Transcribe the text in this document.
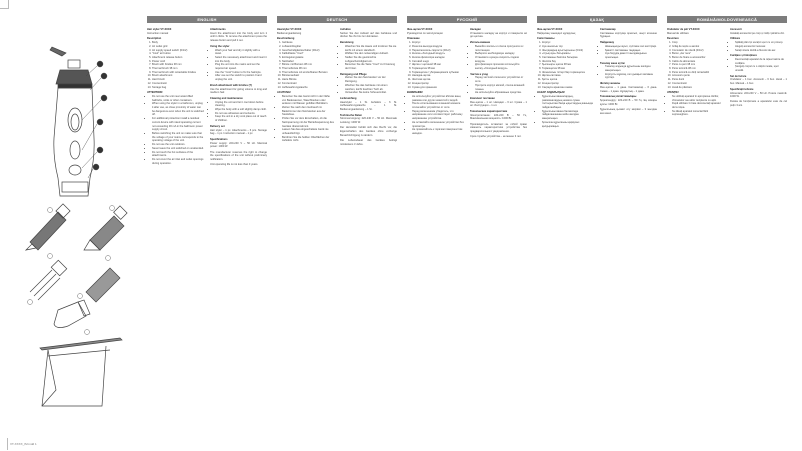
ENGLISH
Hair styler VT-XXXX
Instruction manual
Description
1. Body
2. Air outlet grid
3. Air supply speed switch (0/1/2)
4. "Cool" air button
5. Attachment release button
6. Power cord
7. Brush with bristles 38 mm
8. Thermal brush 38 mm
9. Thermal brush with retractable bristles
10. Brush attachment
11. Hard brush
12. Concentrator
13. Storage bag
ATTENTION!
• Do not use the unit near water-filled bathtubs, sinks or other containers.
• When using the styler in a bathroom, unplug it after use, as close proximity of water can be dangerous even when the unit is switched off.
• For additional protection install a residual current device with rated operating current not exceeding 30 mA in the bathroom power supply circuit.
• Before switching the unit on make sure that the voltage of your mains corresponds to the operating voltage of the unit.
• Do not use the unit outdoors.
• Never leave the unit switched on unattended.
• Do not touch the hot surfaces of the attachments.
• Do not cover the air inlet and outlet openings during operation.
Attachments
Insert the attachment into the body and turn it until it clicks. To remove the attachment press the release button and pull it out.
Using the styler
• Wash your hair and dry it slightly with a towel.
• Select the necessary attachment and insert it into the body.
• Plug the unit into the mains and set the required air speed.
• Use the "Cool" button to fix the hairstyle.
• After use set the switch to position 0 and unplug the unit.
Brush attachment with bristles (7)
Use the attachment for giving volume to long and medium hair.
Cleaning and maintenance
• Unplug the unit and let it cool down before cleaning.
• Wipe the body with a soft slightly damp cloth.
• Do not use abrasives and solvents.
• Keep the unit in a dry cool place out of reach of children.
Delivery set
Hair styler – 1 pc. Attachments – 6 pcs. Storage bag – 1 pc. Instruction manual – 1 pc.
Specifications
Power supply: 220-240 V ~ 50 Hz. Maximal power: 1000 W.
The manufacturer reserves the right to change the specifications of the unit without preliminary notification.
Unit operating life is not less than 3 years.
DEUTSCH
Haarstyler VT-XXXX
Bedienungsanleitung
Beschreibung
1. Gehäuse
2. Luftaustrittsgitter
3. Geschwindigkeitsschalter (0/1/2)
4. Kaltlufttaste "Cool"
5. Entriegelungstaste
6. Netzkabel
7. Bürste mit Borsten 38 mm
8. Thermobürste 38 mm
9. Thermobürste mit einziehbaren Borsten
10. Bürstenaufsatz
11. Harte Bürste
12. Konzentrator
13. Aufbewahrungstasche
ACHTUNG!
• Benutzen Sie das Gerät nicht in der Nähe von Badewannen, Waschbecken oder anderen mit Wasser gefüllten Behältern.
• Ziehen Sie nach dem Gebrauch im Badezimmer den Netzstecker aus der Steckdose.
• Prüfen Sie vor dem Einschalten, ob die Netzspannung mit der Betriebsspannung des Gerätes übereinstimmt.
• Lassen Sie das eingeschaltete Gerät nie unbeaufsichtigt.
• Berühren Sie die heißen Oberflächen der Aufsätze nicht.
Aufsätze
Setzen Sie den Aufsatz auf das Gehäuse und drehen Sie ihn bis zum Einrasten.
Benutzung
• Waschen Sie die Haare und trocknen Sie sie leicht mit einem Handtuch.
• Wählen Sie den notwendigen Aufsatz.
• Stellen Sie die gewünschte Luftgeschwindigkeit ein.
• Benutzen Sie die Taste "Cool" zur Fixierung der Frisur.
Reinigung und Pflege
• Ziehen Sie den Netzstecker vor der Reinigung.
• Wischen Sie das Gehäuse mit einem weichen, leicht feuchten Tuch ab.
• Verwenden Sie keine Scheuermittel.
Lieferumfang
Haarstyler – 1 St. Aufsätze – 6 St. Aufbewahrungstasche – 1 St. Bedienungsanleitung – 1 St.
Technische Daten
Stromversorgung: 220-240 V ~ 50 Hz. Maximale Leistung: 1000 W.
Der Hersteller behält sich das Recht vor, die Eigenschaften des Gerätes ohne vorherige Benachrichtigung zu ändern.
Die Lebensdauer des Gerätes beträgt mindestens 3 Jahre.
РУССКИЙ
Фен-щетка VT-XXXX
Руководство по эксплуатации
Описание
1. Корпус
2. Решетка выхода воздуха
3. Переключатель скорости (0/1/2)
4. Кнопка «Холодный воздух»
5. Кнопка фиксатора насадок
6. Сетевой шнур
7. Щетка с щетиной 38 мм
8. Термощетка 38 мм
9. Термощетка с убирающимися зубьями
10. Насадка-щетка
11. Жесткая щетка
12. Концентратор
13. Сумка для хранения
ВНИМАНИЕ!
• Не используйте устройство вблизи ванн, раковин или других емкостей с водой.
• После использования в ванной комнате отключайте устройство от сети.
• Перед включением убедитесь, что напряжение сети соответствует рабочему напряжению устройства.
• Не оставляйте включенное устройство без присмотра.
• Не прикасайтесь к горячим поверхностям насадок.
Насадки
Установите насадку на корпус и поверните её до щелчка.
Использование
• Вымойте волосы и слегка просушите их полотенцем.
• Выберите необходимую насадку.
• Установите нужную скорость подачи воздуха.
• Для фиксации прически используйте кнопку «Холодный воздух».
Чистка и уход
• Перед чисткой отключите устройство от сети.
• Протрите корпус мягкой, слегка влажной тканью.
• Не используйте абразивные средства.
Комплект поставки
Фен-щетка – 1 шт. Насадки – 6 шт. Сумка – 1 шт. Инструкция – 1 шт.
Технические характеристики
Электропитание: 220-240 В ~ 50 Гц. Максимальная мощность: 1000 Вт.
Производитель оставляет за собой право изменять характеристики устройства без предварительного уведомления.
Срок службы устройства – не менее 3 лет.
ҚАЗАҚ
Фен-щетка VT-XXXX
Пайдалану жөніндегі нұсқаулық
Сипаттамасы
1. Корпус
2. Ауа шығатын тор
3. Жылдамдық ауыстырғышы (0/1/2)
4. «Суық ауа» батырмасы
5. Саптаманы бекіткіш батырма
6. Желілік бау
7. Қылшықты щетка 38 мм
8. Термощетка 38 мм
9. Жиналатын тістері бар термощетка
10. Щетка-саптама
11. Қатты щетка
12. Концентратор
13. Сақтауға арналған сөмке
НАЗАР АУДАРЫҢЫЗ!
• Құрылғыны ванналардың, раковиналардың немесе сумен толтырылған басқа ыдыстардың жанында пайдаланбаңыз.
• Құрылғыны ванна бөлмесінде пайдаланғаннан кейін желіден ажыратыңыз.
• Қосылған құрылғыны қараусыз қалдырмаңыз.
Саптамалар
Саптаманы корпусқа орнатып, шырт еткенше бұраңыз.
Пайдалану
• Шашыңызды жуып, сүлгімен сәл кептіріңіз.
• Қажетті саптаманы таңдаңыз.
• Ауа берудің қажетті жылдамдығын орнатыңыз.
Тазалау және күтім
• Тазалау алдында құрылғыны желіден ажыратыңыз.
• Корпусты жұмсақ, сәл дымқыл матамен сүртіңіз.
Жеткізу жинағы
Фен-щетка – 1 дана. Саптамалар – 6 дана. Сөмке – 1 дана. Нұсқаулық – 1 дана.
Техникалық сипаттамалары
Қоректендіру: 220-240 В ~ 50 Гц. Ең жоғары қуаты: 1000 Вт.
Құрылғының қызмет ету мерзімі – 3 жылдан кем емес.
ROMÂNĂ/MOLDOVENEASCĂ
Ondulator de păr VT-XXXX
Manual de utilizare
Descriere
1. Corp
2. Grilaj de ieșire a aerului
3. Comutator de viteză (0/1/2)
4. Buton „Aer rece”
5. Buton de fixare a accesoriilor
6. Cablu de alimentare
7. Perie cu peri 38 mm
8. Perie termică 38 mm
9. Perie termică cu dinți retractabili
10. Accesoriu perie
11. Perie dură
12. Concentrator
13. Husă de păstrare
ATENȚIE!
• Nu utilizați aparatul în apropierea căzilor, chiuvetelor sau altor recipiente cu apă.
• După utilizare în baie deconectați aparatul de la rețea.
• Nu lăsați aparatul conectat fără supraveghere.
Accesorii
Instalați accesoriul pe corp și rotiți-l până la clic.
Utilizare
• Spălați părul și uscați-l ușor cu un prosop.
• Alegeți accesoriul necesar.
• Setați viteza dorită a fluxului de aer.
Curățare și întreținere
• Deconectați aparatul de la rețea înainte de curățare.
• Ștergeți corpul cu o cârpă moale, ușor umedă.
Set de livrare
Ondulator – 1 buc. Accesorii – 6 buc. Husă – 1 buc. Manual – 1 buc.
Specificații tehnice
Alimentare: 220-240 V ~ 50 Hz. Putere maximă: 1000 W.
Durata de funcționare a aparatului este de cel puțin 3 ani.
VT-XXXX_IM.indd 1
